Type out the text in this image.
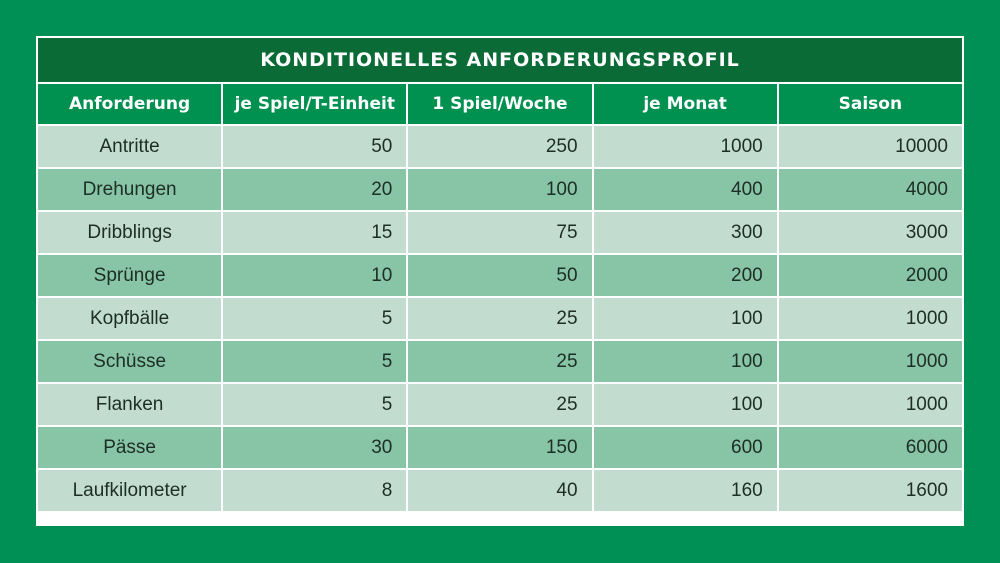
KONDITIONELLES ANFORDERUNGSPROFIL
Anforderung	je Spiel/T-Einheit	1 Spiel/Woche	je Monat	Saison
Antritte	50	250	1000	10000
Drehungen	20	100	400	4000
Dribblings	15	75	300	3000
Sprünge	10	50	200	2000
Kopfbälle	5	25	100	1000
Schüsse	5	25	100	1000
Flanken	5	25	100	1000
Pässe	30	150	600	6000
Laufkilometer	8	40	160	1600
